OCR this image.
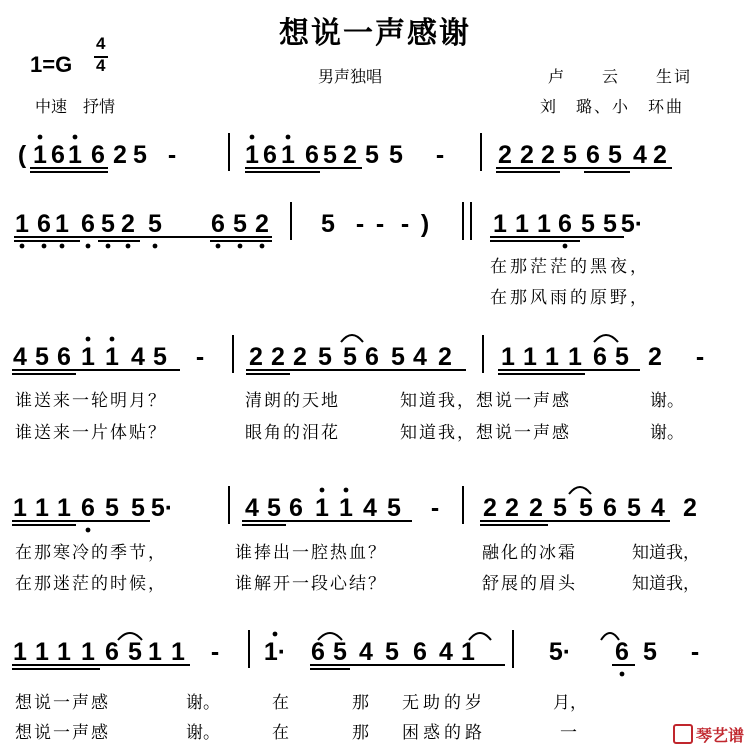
想说一声感谢
1=G
4
4
男声独唱	卢　　云　　生词
中速　抒情	刘　璐、小　环曲
( 1 6 1 6 2 5 -	1 6 1 6 5 2 5 5 - 2 2 2 5 6 5 4 2
1 6 1 6 5 2 5 6 5 2 5 - - - )	1 1 1 6 5 5 5·
4 5 6 1 1 4 5 - 2 2 2 5 5 6 5 4 2 1 1 1 1 6 5 2 -
1 1 1 6 5 5 5·	4 5 6 1 1 4 5 - 2 2 2 5 5 6 5 4 2
1 1 1 1 6 5 1 1 - 1· 6 5 4 5 6 4 1	5· 6 5 -
在那茫茫的黑夜，
在那风雨的原野，
谁送来一轮明月？	清朗的天地	知道我，想说一声感	谢。
谁送来一片体贴？	眼角的泪花	知道我，想说一声感	谢。
在那寒冷的季节，	谁捧出一腔热血？	融化的冰霜	知道我，
在那迷茫的时候，	谁解开一段心结？	舒展的眉头	知道我，
想说一声感	谢。	在	那 无助的岁	月，
想说一声感	谢。	在	那 困惑的路	一	琴艺谱
